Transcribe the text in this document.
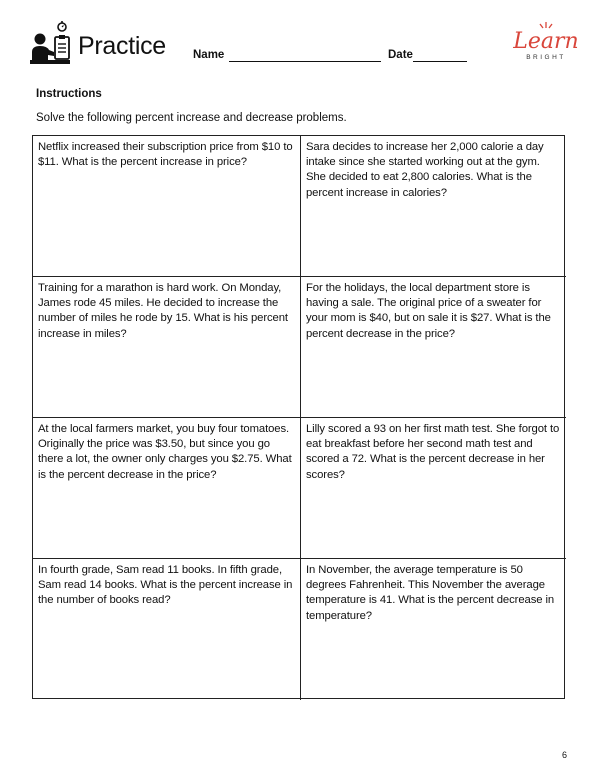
Practice Name	Date
Learn
BRIGHT
Instructions
Solve the following percent increase and decrease problems.
Netflix increased their subscription price from $10 to $11. What is the percent increase in price?
Sara decides to increase her 2,000 calorie a day intake since she started working out at the gym. She decided to eat 2,800 calories. What is the percent increase in calories?
Training for a marathon is hard work. On Monday, James rode 45 miles. He decided to increase the number of miles he rode by 15. What is his percent increase in miles?
For the holidays, the local department store is having a sale. The original price of a sweater for your mom is $40, but on sale it is $27. What is the percent decrease in the price?
At the local farmers market, you buy four tomatoes. Originally the price was $3.50, but since you go there a lot, the owner only charges you $2.75. What is the percent decrease in the price?
Lilly scored a 93 on her first math test. She forgot to eat breakfast before her second math test and scored a 72. What is the percent decrease in her scores?
In fourth grade, Sam read 11 books. In fifth grade, Sam read 14 books. What is the percent increase in the number of books read?
In November, the average temperature is 50 degrees Fahrenheit. This November the average temperature is 41. What is the percent decrease in temperature?
6
